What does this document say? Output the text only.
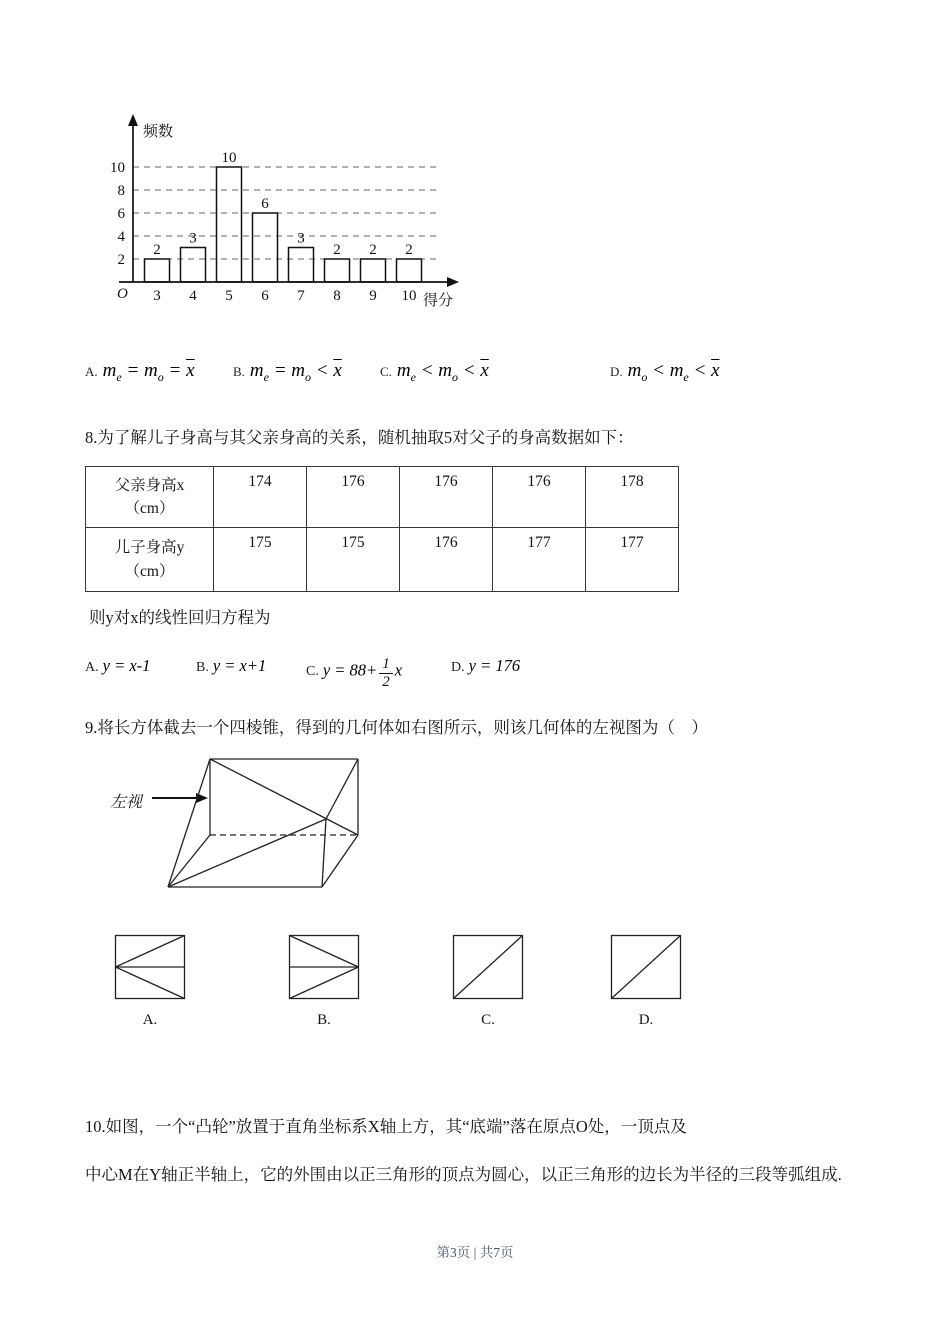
2
4
6
8
10
2
3
3
4
10
5
6
6
3
7
2
8
2
9
2
10
频数
得分
O
A. $m_e = m_o = \overline{x}$	B. $m_e = m_o < \overline{x}$	C. $m_e < m_o < \overline{x}$	D. $m_o < m_e < \overline{x}$
8.为了解儿子身高与其父亲身高的关系，随机抽取5对父子的身高数据如下：
父亲身高x
（cm）	174	176	176	176	178

儿子身高y
（cm）	175	175	176	177	177
则y对x的线性回归方程为
A. y = x-1	B. y = x+1	C. $y = 88+ \frac{1}{2}$ x	D. y = 176
9.将长方体截去一个四棱锥，得到的几何体如右图所示，则该几何体的左视图为（　）
左视
A.	B.	C.	D.
10.如图，一个“凸轮”放置于直角坐标系X轴上方，其“底端”落在原点O处，一顶点及
中心M在Y轴正半轴上，它的外围由以正三角形的顶点为圆心，以正三角形的边长为半径的三段等弧组成.
第3页 | 共7页
